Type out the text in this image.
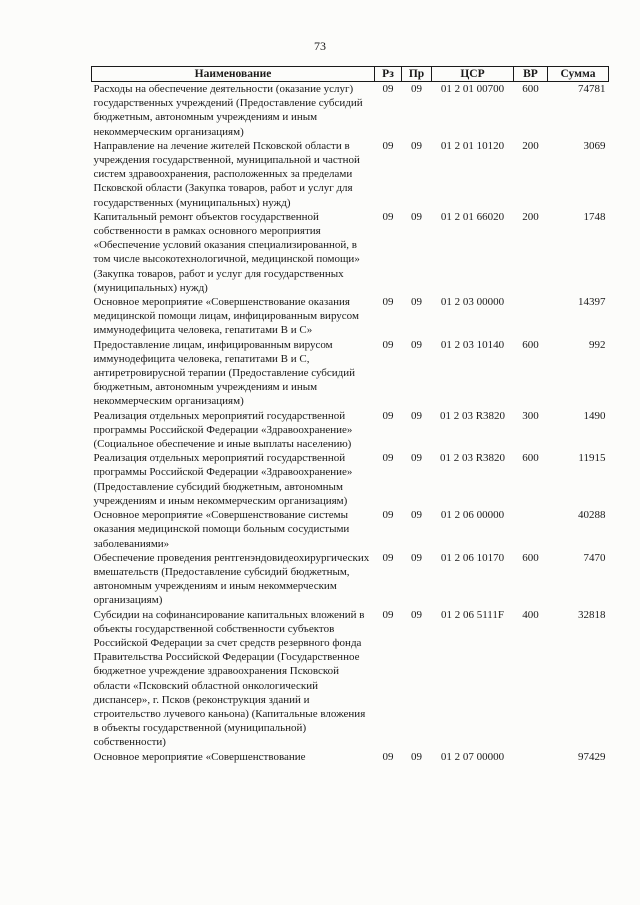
73
Наименование	Рз	Пр	ЦСР	ВР	Сумма
Расходы на обеспечение деятельности (оказание услуг) государственных учреждений (Предоставление субсидий бюджетным, автономным учреждениям и иным некоммерческим организациям)	09	09	01 2 01 00700	600	74781
Направление на лечение жителей Псковской области в учреждения государственной, муниципальной и частной систем здравоохранения, расположенных за пределами Псковской области (Закупка товаров, работ и услуг для государственных (муниципальных) нужд)	09	09	01 2 01 10120	200	3069
Капитальный ремонт объектов государственной собственности в рамках основного мероприятия «Обеспечение условий оказания специализированной, в том числе высокотехнологичной, медицинской помощи» (Закупка товаров, работ и услуг для государственных (муниципальных) нужд)	09	09	01 2 01 66020	200	1748
Основное мероприятие «Совершенствование оказания медицинской помощи лицам, инфицированным вирусом иммунодефицита человека, гепатитами В и С»	09	09	01 2 03 00000		14397
Предоставление лицам, инфицированным вирусом иммунодефицита человека, гепатитами В и С, антиретровирусной терапии (Предоставление субсидий бюджетным, автономным учреждениям и иным некоммерческим организациям)	09	09	01 2 03 10140	600	992
Реализация отдельных мероприятий государственной программы Российской Федерации «Здравоохранение» (Социальное обеспечение и иные выплаты населению)	09	09	01 2 03 R3820	300	1490
Реализация отдельных мероприятий государственной программы Российской Федерации «Здравоохранение» (Предоставление субсидий бюджетным, автономным учреждениям и иным некоммерческим организациям)	09	09	01 2 03 R3820	600	11915
Основное мероприятие «Совершенствование системы оказания медицинской помощи больным сосудистыми заболеваниями»	09	09	01 2 06 00000		40288
Обеспечение проведения рентгенэндовидеохирургических вмешательств (Предоставление субсидий бюджетным, автономным учреждениям и иным некоммерческим организациям)	09	09	01 2 06 10170	600	7470
Субсидии на софинансирование капитальных вложений в объекты государственной собственности субъектов Российской Федерации за счет средств резервного фонда Правительства Российской Федерации (Государственное бюджетное учреждение здравоохранения Псковской области «Псковский областной онкологический диспансер», г. Псков (реконструкция зданий и строительство лучевого каньона) (Капитальные вложения в объекты государственной (муниципальной) собственности)	09	09	01 2 06 5111F	400	32818
Основное мероприятие «Совершенствование	09	09	01 2 07 00000		97429
